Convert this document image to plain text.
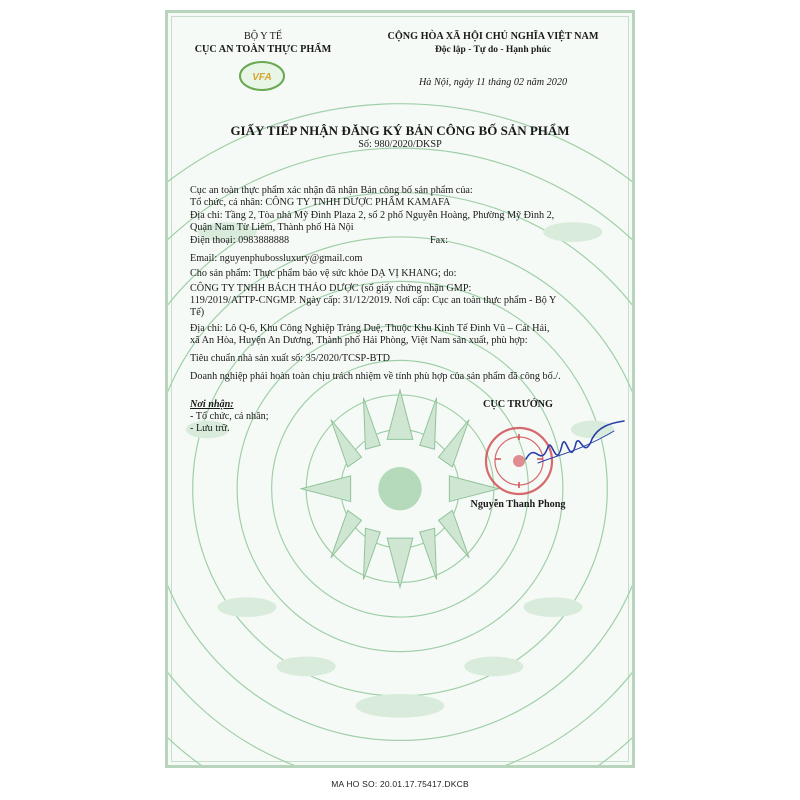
VFA
BỘ Y TẾ
CỤC AN TOÀN THỰC PHẨM
CỘNG HÒA XÃ HỘI CHỦ NGHĨA VIỆT NAM
Độc lập - Tự do - Hạnh phúc
Hà Nội, ngày 11 tháng 02 năm 2020
GIẤY TIẾP NHẬN ĐĂNG KÝ BẢN CÔNG BỐ SẢN PHẨM
Số: 980/2020/DKSP
Cục an toàn thực phẩm xác nhận đã nhận Bản công bố sản phẩm của:
Tổ chức, cá nhân: CÔNG TY TNHH DƯỢC PHẨM KAMAFA
Địa chỉ: Tầng 2, Tòa nhà Mỹ Đình Plaza 2, số 2 phố Nguyễn Hoàng, Phường Mỹ Đình 2,
Quận Nam Từ Liêm, Thành phố Hà Nội
Điện thoại: 0983888888	Fax:
Email: nguyenphubossluxury@gmail.com
Cho sản phẩm: Thực phẩm bảo vệ sức khỏe DẠ VỊ KHANG; do:
CÔNG TY TNHH BÁCH THẢO DƯỢC (số giấy chứng nhận GMP:
119/2019/ATTP-CNGMP. Ngày cấp: 31/12/2019. Nơi cấp: Cục an toàn thực phẩm - Bộ Y
Tế)
Địa chỉ: Lô Q-6, Khu Công Nghiệp Tràng Duệ, Thuộc Khu Kinh Tế Đình Vũ – Cát Hải,
xã An Hòa, Huyện An Dương, Thành phố Hải Phòng, Việt Nam sản xuất, phù hợp:
Tiêu chuẩn nhà sản xuất số: 35/2020/TCSP-BTD
Doanh nghiệp phải hoàn toàn chịu trách nhiệm về tính phù hợp của sản phẩm đã công bố./.
Nơi nhận:
- Tổ chức, cá nhân;
- Lưu trữ.
CỤC TRƯỞNG
Nguyễn Thanh Phong
MA HO SO: 20.01.17.75417.DKCB
